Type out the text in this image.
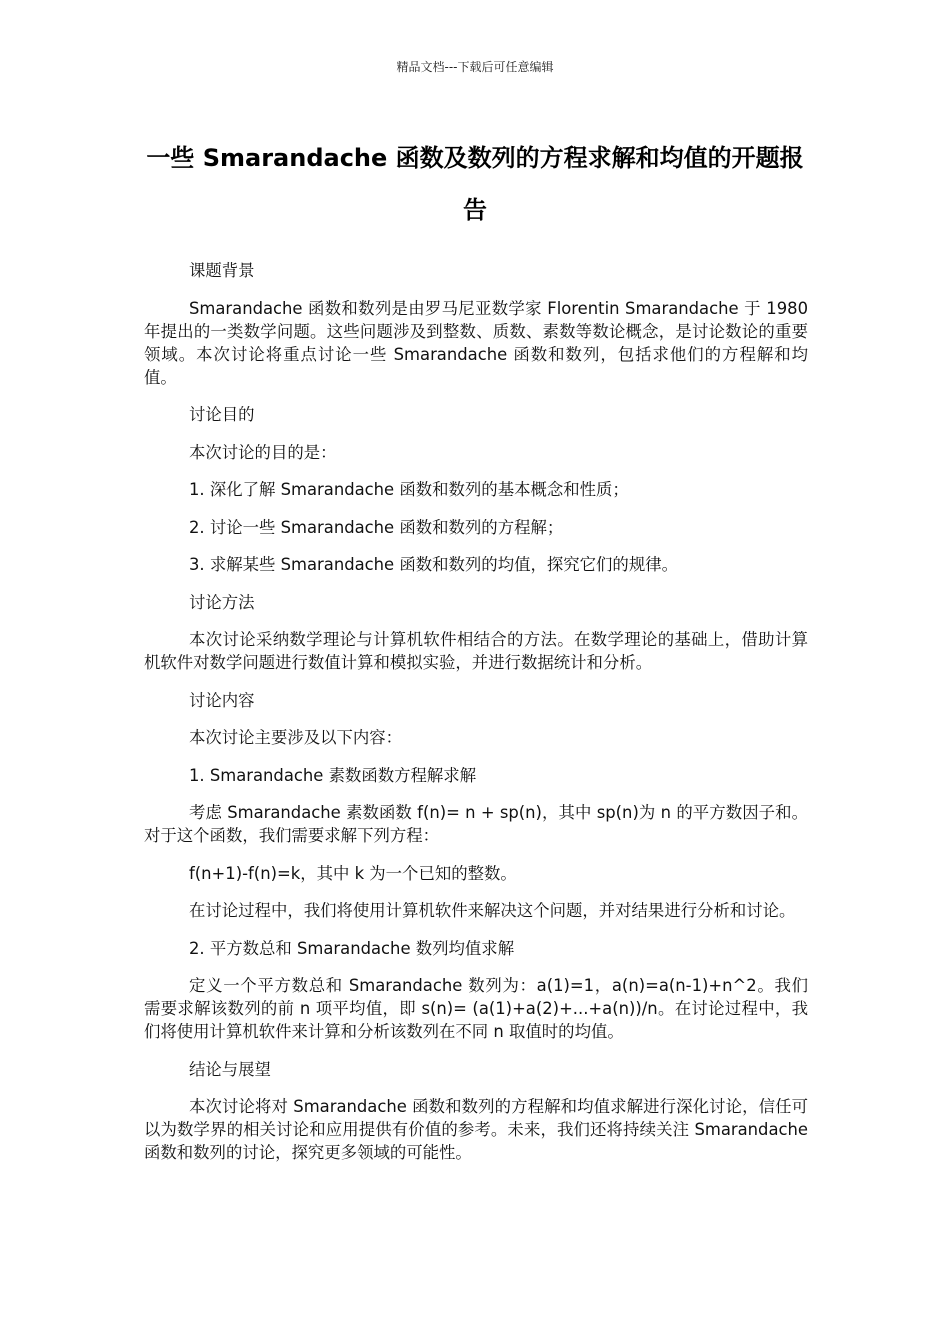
精品文档---下载后可任意编辑
一些 Smarandache 函数及数列的方程求解和均值的开题报告

课题背景

Smarandache 函数和数列是由罗马尼亚数学家 Florentin Smarandache 于 1980 年提出的一类数学问题。这些问题涉及到整数、质数、素数等数论概念，是讨论数论的重要领域。本次讨论将重点讨论一些 Smarandache 函数和数列，包括求他们的方程解和均值。

讨论目的

本次讨论的目的是：

1. 深化了解 Smarandache 函数和数列的基本概念和性质；

2. 讨论一些 Smarandache 函数和数列的方程解；

3. 求解某些 Smarandache 函数和数列的均值，探究它们的规律。

讨论方法

本次讨论采纳数学理论与计算机软件相结合的方法。在数学理论的基础上，借助计算机软件对数学问题进行数值计算和模拟实验，并进行数据统计和分析。

讨论内容

本次讨论主要涉及以下内容：

1. Smarandache 素数函数方程解求解

考虑 Smarandache 素数函数 f(n)= n + sp(n)，其中 sp(n)为 n 的平方数因子和。对于这个函数，我们需要求解下列方程：

f(n+1)-f(n)=k，其中 k 为一个已知的整数。

在讨论过程中，我们将使用计算机软件来解决这个问题，并对结果进行分析和讨论。

2. 平方数总和 Smarandache 数列均值求解

定义一个平方数总和 Smarandache 数列为：a(1)=1，a(n)=a(n-1)+n^2。我们需要求解该数列的前 n 项平均值，即 s(n)= (a(1)+a(2)+...+a(n))/n。在讨论过程中，我们将使用计算机软件来计算和分析该数列在不同 n 取值时的均值。

结论与展望

本次讨论将对 Smarandache 函数和数列的方程解和均值求解进行深化讨论，信任可以为数学界的相关讨论和应用提供有价值的参考。未来，我们还将持续关注 Smarandache 函数和数列的讨论，探究更多领域的可能性。
